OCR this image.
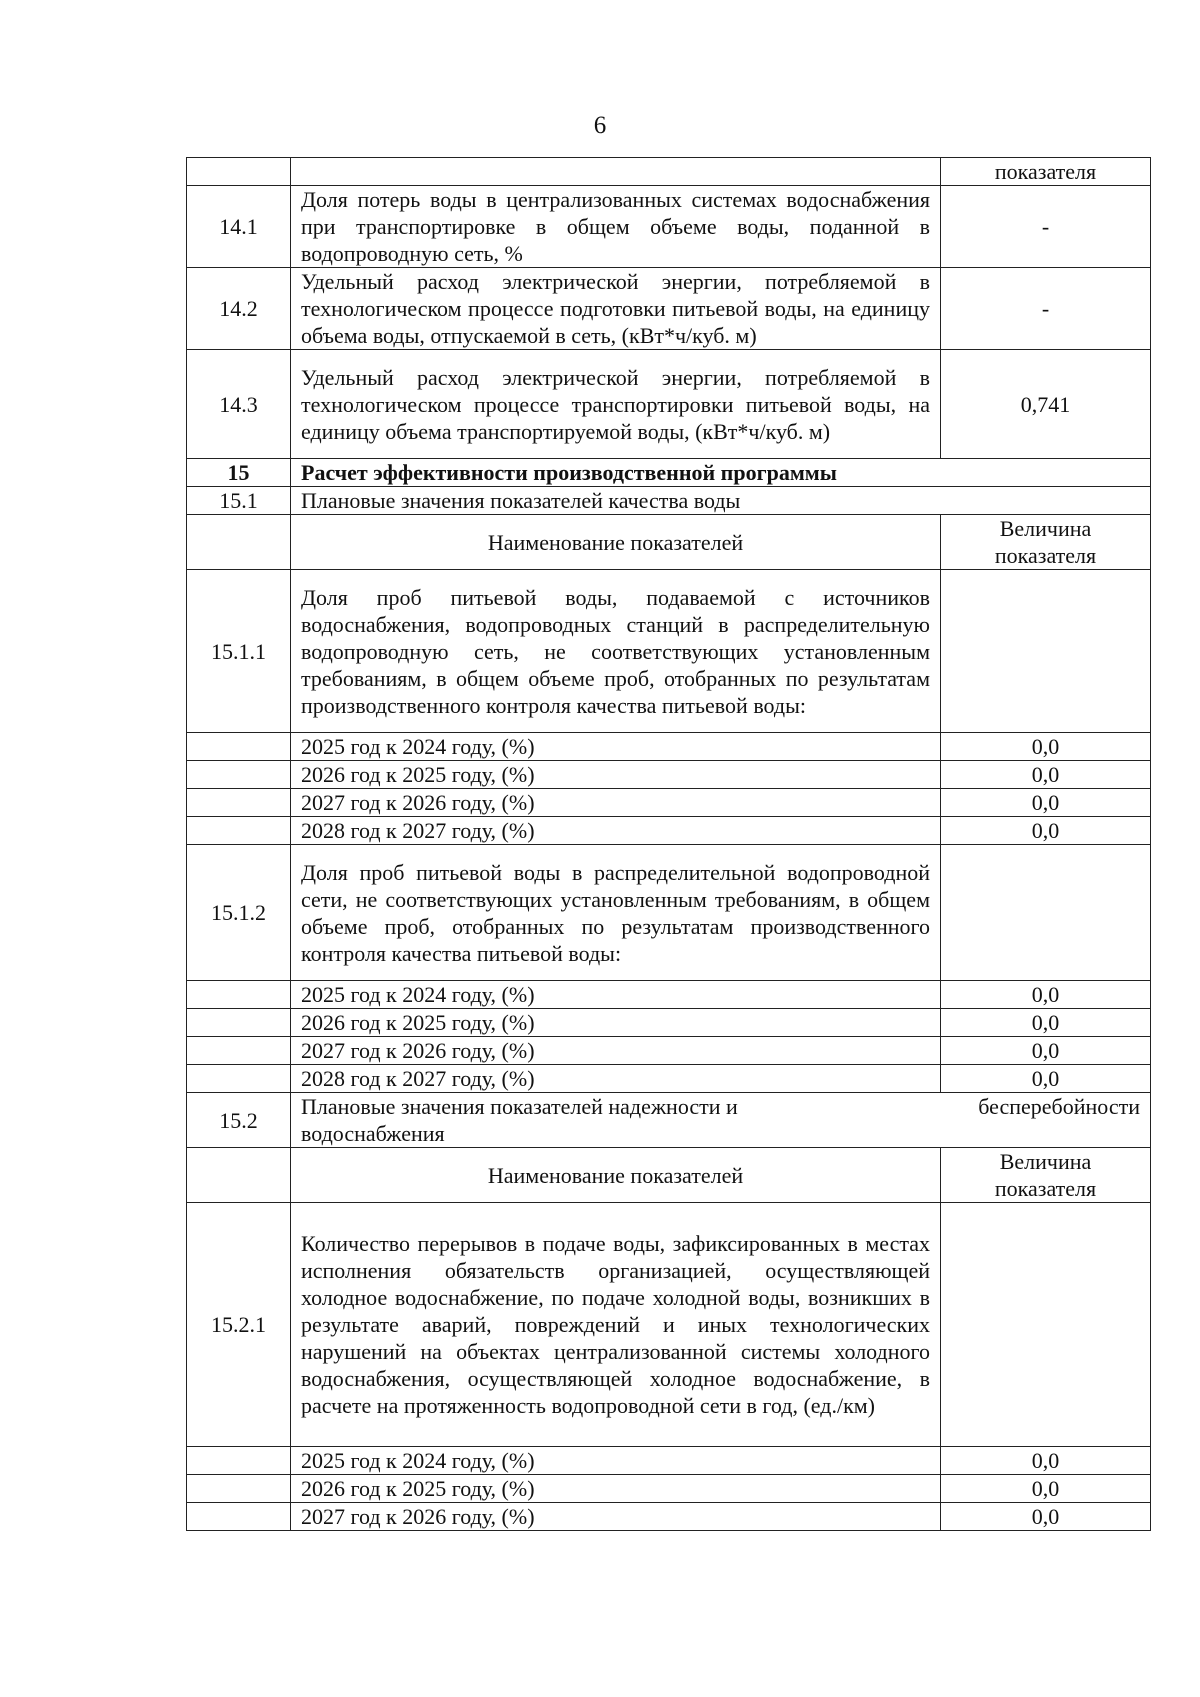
6
		показателя
14.1	Доля потерь воды в централизованных системах водоснабжения при транспортировке в общем объеме воды, поданной в водопроводную сеть, %	-
14.2	Удельный расход электрической энергии, потребляемой в технологическом процессе подготовки питьевой воды, на единицу объема воды, отпускаемой в сеть, (кВт*ч/куб. м)	-
14.3	Удельный расход электрической энергии, потребляемой в технологическом процессе транспортировки питьевой воды, на единицу объема транспортируемой воды, (кВт*ч/куб. м)	0,741
15	Расчет эффективности производственной программы	
15.1	Плановые значения показателей качества воды	
	Наименование показателей	Величина показателя
15.1.1	Доля проб питьевой воды, подаваемой с источников водоснабжения, водопроводных станций в распределительную водопроводную сеть, не соответствующих установленным требованиям, в общем объеме проб, отобранных по результатам производственного контроля качества питьевой воды:	
	2025 год к 2024 году, (%)	0,0
	2026 год к 2025 году, (%)	0,0
	2027 год к 2026 году, (%)	0,0
	2028 год к 2027 году, (%)	0,0
15.1.2	Доля проб питьевой воды в распределительной водопроводной сети, не соответствующих установленным требованиям, в общем объеме проб, отобранных по результатам производственного контроля качества питьевой воды:	
	2025 год к 2024 году, (%)	0,0
	2026 год к 2025 году, (%)	0,0
	2027 год к 2026 году, (%)	0,0
	2028 год к 2027 году, (%)	0,0
15.2	Плановые значения показателей надежности и бесперебойности
водоснабжения	

	Наименование показателей	Величина показателя
15.2.1	Количество перерывов в подаче воды, зафиксированных в местах исполнения обязательств организацией, осуществляющей холодное водоснабжение, по подаче холодной воды, возникших в результате аварий, повреждений и иных технологических нарушений на объектах централизованной системы холодного водоснабжения, осуществляющей холодное водоснабжение, в расчете на протяженность водопроводной сети в год, (ед./км)	
	2025 год к 2024 году, (%)	0,0
	2026 год к 2025 году, (%)	0,0
	2027 год к 2026 году, (%)	0,0
